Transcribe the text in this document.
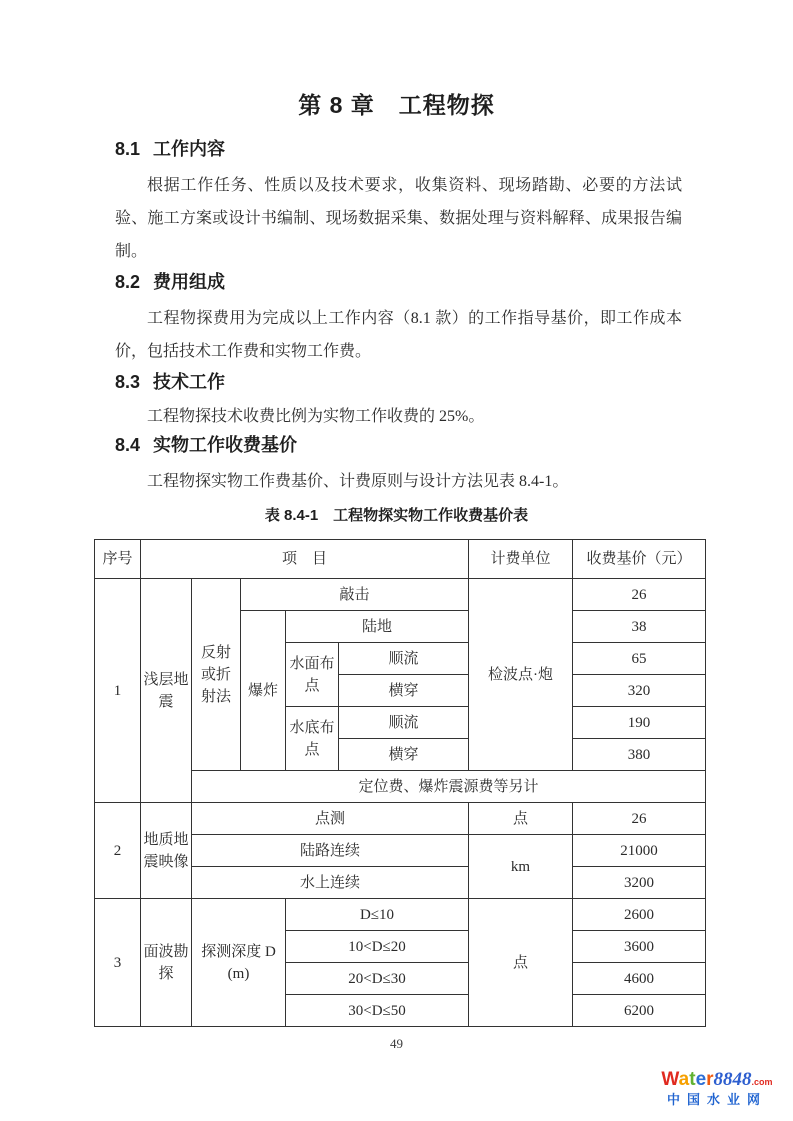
第 8 章　工程物探
8.1 工作内容

根据工作任务、性质以及技术要求，收集资料、现场踏勘、必要的方法试验、施工方案或设计书编制、现场数据采集、数据处理与资料解释、成果报告编制。

8.2 费用组成

工程物探费用为完成以上工作内容（8.1 款）的工作指导基价，即工作成本价，包括技术工作费和实物工作费。

8.3 技术工作

工程物探技术收费比例为实物工作收费的 25%。

8.4 实物工作收费基价

工程物探实物工作费基价、计费原则与设计方法见表 8.4-1。

表 8.4-1　工程物探实物工作收费基价表
序号	项　目					计费单位	收费基价（元）
1	浅层地震	反射或折射法	敲击			检波点·炮	26
			爆炸	陆地			38
				水面布点	顺流		65
					横穿		320
				水底布点	顺流		190
					横穿		380
		定位费、爆炸震源费等另计					
2	地质地震映像	点测				点	26
		陆路连续				km	21000
		水上连续					3200
3	面波勘探	探测深度 D(m)		D≤10		点	2600
				10<D≤20			3600
				20<D≤30			4600
				30<D≤50			6200
49
Water8848.com
中国水业网
